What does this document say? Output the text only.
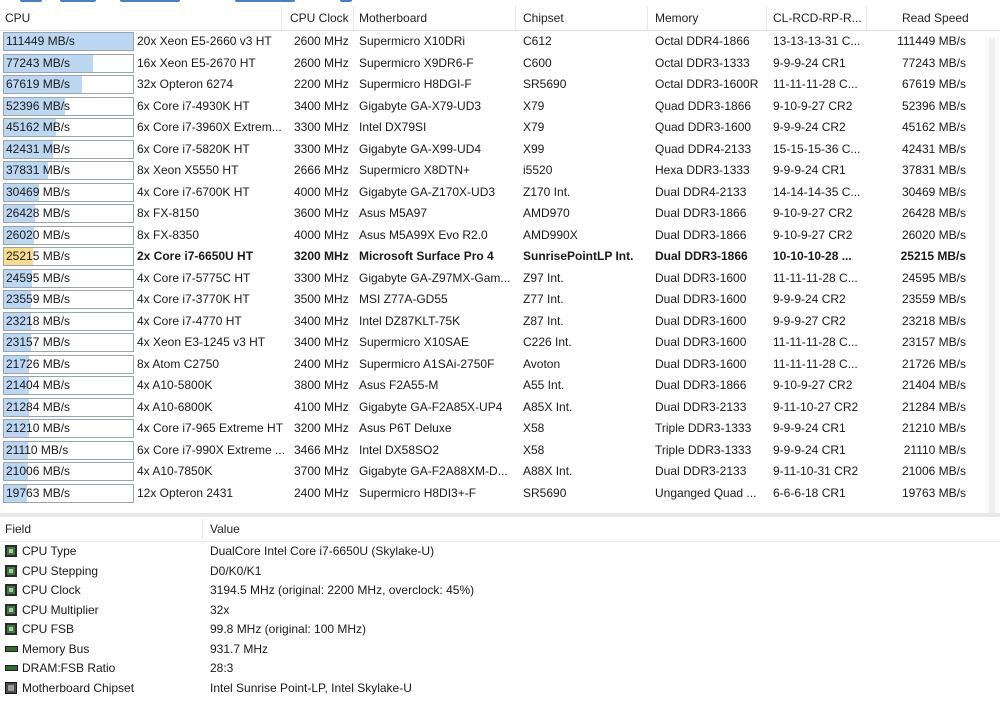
CPU	CPU Clock Motherboard	Chipset	Memory	CL-RCD-RP-R...	Read Speed
111449 MB/s	20x Xeon E5-2660 v3 HT	2600 MHz Supermicro X10DRi	C612	Octal DDR4-1866	13-13-13-31 C...	111449 MB/s
77243 MB/s	16x Xeon E5-2670 HT	2600 MHz Supermicro X9DR6-F	C600	Octal DDR3-1333	9-9-9-24 CR1	77243 MB/s
67619 MB/s	32x Opteron 6274	2200 MHz Supermicro H8DGI-F	SR5690	Octal DDR3-1600R	11-11-11-28 C...	67619 MB/s
52396 MB/s	6x Core i7-4930K HT	3400 MHz Gigabyte GA-X79-UD3	X79	Quad DDR3-1866	9-10-9-27 CR2	52396 MB/s
45162 MB/s	6x Core i7-3960X Extrem...	3300 MHz Intel DX79SI	X79	Quad DDR3-1600	9-9-9-24 CR2	45162 MB/s
42431 MB/s	6x Core i7-5820K HT	3300 MHz Gigabyte GA-X99-UD4	X99	Quad DDR4-2133	15-15-15-36 C...	42431 MB/s
37831 MB/s	8x Xeon X5550 HT	2666 MHz Supermicro X8DTN+	i5520	Hexa DDR3-1333	9-9-9-24 CR1	37831 MB/s
30469 MB/s	4x Core i7-6700K HT	4000 MHz Gigabyte GA-Z170X-UD3	Z170 Int.	Dual DDR4-2133	14-14-14-35 C...	30469 MB/s
26428 MB/s	8x FX-8150	3600 MHz Asus M5A97	AMD970	Dual DDR3-1866	9-10-9-27 CR2	26428 MB/s
26020 MB/s	8x FX-8350	4000 MHz Asus M5A99X Evo R2.0	AMD990X	Dual DDR3-1866	9-10-9-27 CR2	26020 MB/s
25215 MB/s	2x Core i7-6650U HT	3200 MHz Microsoft Surface Pro 4	SunrisePointLP Int.	Dual DDR3-1866	10-10-10-28 ...	25215 MB/s
24595 MB/s	4x Core i7-5775C HT	3300 MHz Gigabyte GA-Z97MX-Gam...	Z97 Int.	Dual DDR3-1600	11-11-11-28 C...	24595 MB/s
23559 MB/s	4x Core i7-3770K HT	3500 MHz MSI Z77A-GD55	Z77 Int.	Dual DDR3-1600	9-9-9-24 CR2	23559 MB/s
23218 MB/s	4x Core i7-4770 HT	3400 MHz Intel DZ87KLT-75K	Z87 Int.	Dual DDR3-1600	9-9-9-27 CR2	23218 MB/s
23157 MB/s	4x Xeon E3-1245 v3 HT	3400 MHz Supermicro X10SAE	C226 Int.	Dual DDR3-1600	11-11-11-28 C...	23157 MB/s
21726 MB/s	8x Atom C2750	2400 MHz Supermicro A1SAi-2750F	Avoton	Dual DDR3-1600	11-11-11-28 C...	21726 MB/s
21404 MB/s	4x A10-5800K	3800 MHz Asus F2A55-M	A55 Int.	Dual DDR3-1866	9-10-9-27 CR2	21404 MB/s
21284 MB/s	4x A10-6800K	4100 MHz Gigabyte GA-F2A85X-UP4	A85X Int.	Dual DDR3-2133	9-11-10-27 CR2	21284 MB/s
21210 MB/s	4x Core i7-965 Extreme HT 3200 MHz Asus P6T Deluxe	X58	Triple DDR3-1333	9-9-9-24 CR1	21210 MB/s
21110 MB/s	6x Core i7-990X Extreme ... 3466 MHz Intel DX58SO2	X58	Triple DDR3-1333	9-9-9-24 CR1	21110 MB/s
21006 MB/s	4x A10-7850K	3700 MHz Gigabyte GA-F2A88XM-D...	A88X Int.	Dual DDR3-2133	9-11-10-31 CR2	21006 MB/s
19763 MB/s	12x Opteron 2431	2400 MHz Supermicro H8DI3+-F	SR5690	Unganged Quad ...	6-6-6-18 CR1	19763 MB/s
Field	Value
CPU Type	DualCore Intel Core i7-6650U (Skylake-U)
CPU Stepping	D0/K0/K1
CPU Clock	3194.5 MHz (original: 2200 MHz, overclock: 45%)
CPU Multiplier	32x
CPU FSB	99.8 MHz (original: 100 MHz)
Memory Bus	931.7 MHz
DRAM:FSB Ratio	28:3
Motherboard Chipset	Intel Sunrise Point-LP, Intel Skylake-U
